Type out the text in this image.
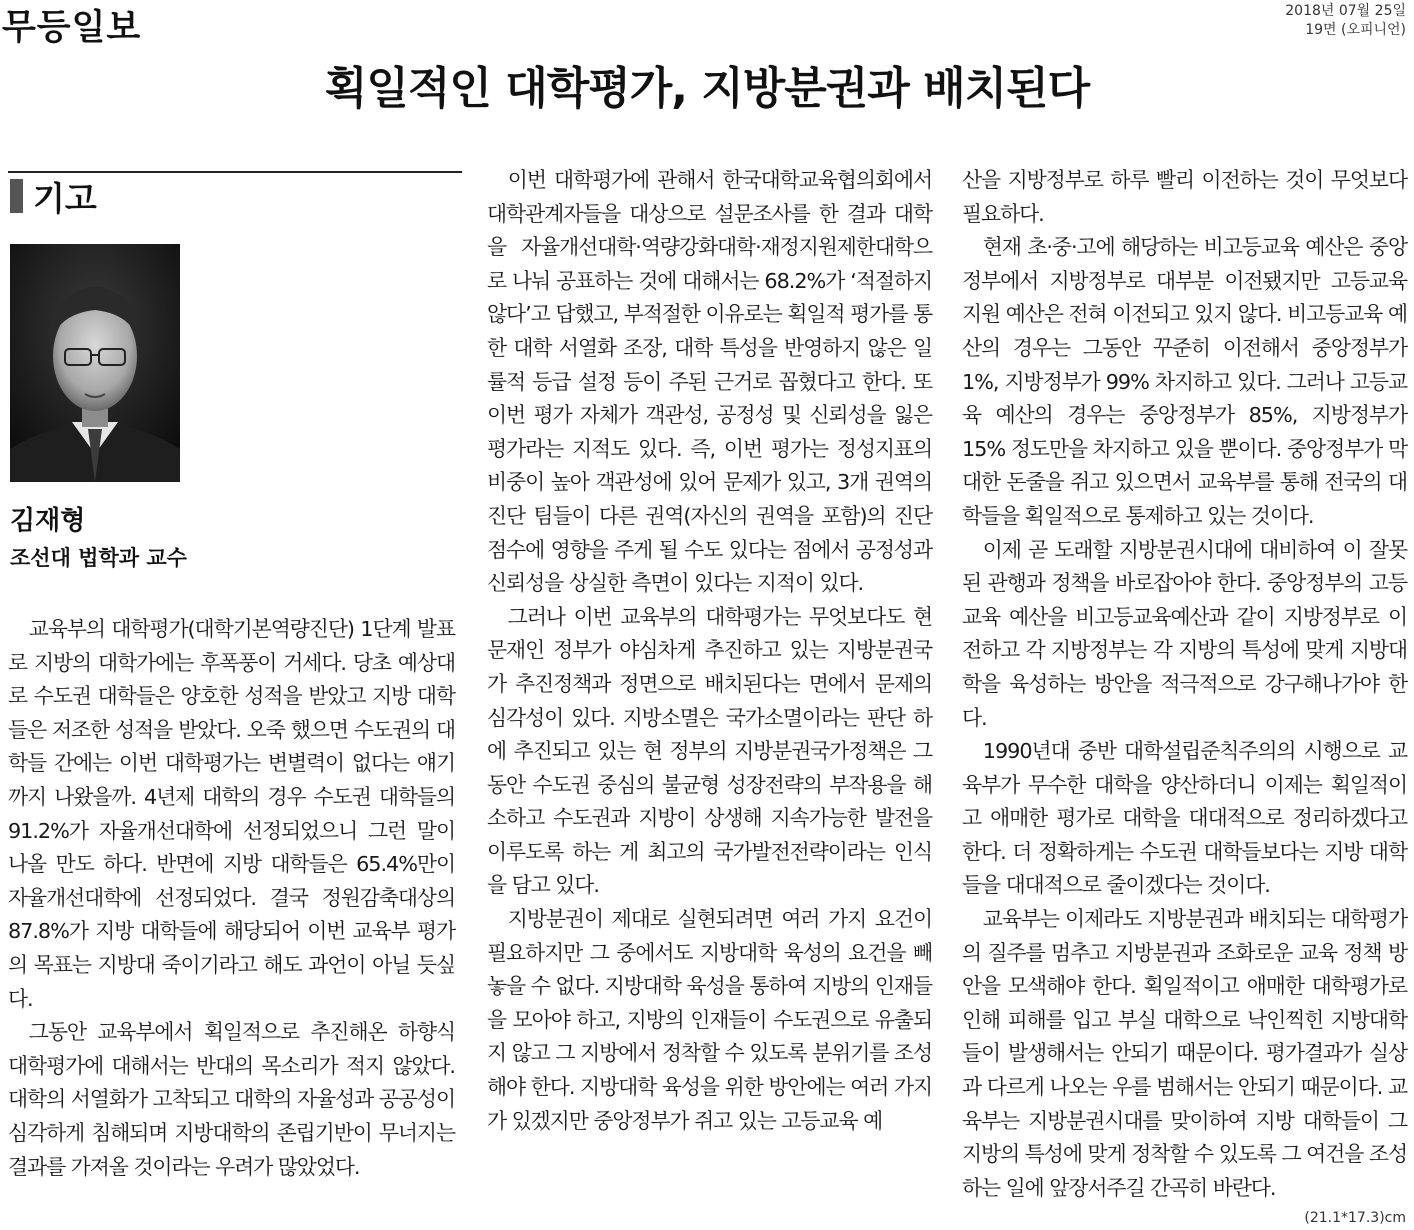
무등일보	2018년 07월 25일
19면 (오피니언)
획일적인 대학평가, 지방분권과 배치된다
기고
김재형
조선대 법학과 교수

교육부의 대학평가(대학기본역량진단) 1단계 발표로 지방의 대학가에는 후폭풍이 거세다. 당초 예상대로 수도권 대학들은 양호한 성적을 받았고 지방 대학들은 저조한 성적을 받았다. 오죽 했으면 수도권의 대학들 간에는 이번 대학평가는 변별력이 없다는 얘기까지 나왔을까. 4년제 대학의 경우 수도권 대학들의 91.2%가 자율개선대학에 선정되었으니 그런 말이 나올 만도 하다. 반면에 지방 대학들은 65.4%만이 자율개선대학에 선정되었다. 결국 정원감축대상의 87.8%가 지방 대학들에 해당되어 이번 교육부 평가의 목표는 지방대 죽이기라고 해도 과언이 아닐 듯싶다.

그동안 교육부에서 획일적으로 추진해온 하향식 대학평가에 대해서는 반대의 목소리가 적지 않았다. 대학의 서열화가 고착되고 대학의 자율성과 공공성이 심각하게 침해되며 지방대학의 존립기반이 무너지는 결과를 가져올 것이라는 우려가 많았었다.

이번 대학평가에 관해서 한국대학교육협의회에서 대학관계자들을 대상으로 설문조사를 한 결과 대학을 자율개선대학·역량강화대학·재정지원제한대학으로 나눠 공표하는 것에 대해서는 68.2%가 ‘적절하지 않다’고 답했고, 부적절한 이유로는 획일적 평가를 통한 대학 서열화 조장, 대학 특성을 반영하지 않은 일률적 등급 설정 등이 주된 근거로 꼽혔다고 한다. 또 이번 평가 자체가 객관성, 공정성 및 신뢰성을 잃은 평가라는 지적도 있다. 즉, 이번 평가는 정성지표의 비중이 높아 객관성에 있어 문제가 있고, 3개 권역의 진단 팀들이 다른 권역(자신의 권역을 포함)의 진단점수에 영향을 주게 될 수도 있다는 점에서 공정성과 신뢰성을 상실한 측면이 있다는 지적이 있다.

그러나 이번 교육부의 대학평가는 무엇보다도 현 문재인 정부가 야심차게 추진하고 있는 지방분권국가 추진정책과 정면으로 배치된다는 면에서 문제의 심각성이 있다. 지방소멸은 국가소멸이라는 판단 하에 추진되고 있는 현 정부의 지방분권국가정책은 그동안 수도권 중심의 불균형 성장전략의 부작용을 해소하고 수도권과 지방이 상생해 지속가능한 발전을 이루도록 하는 게 최고의 국가발전전략이라는 인식을 담고 있다.

지방분권이 제대로 실현되려면 여러 가지 요건이 필요하지만 그 중에서도 지방대학 육성의 요건을 빼놓을 수 없다. 지방대학 육성을 통하여 지방의 인재들을 모아야 하고, 지방의 인재들이 수도권으로 유출되지 않고 그 지방에서 정착할 수 있도록 분위기를 조성해야 한다. 지방대학 육성을 위한 방안에는 여러 가지가 있겠지만 중앙정부가 쥐고 있는 고등교육 예

산을 지방정부로 하루 빨리 이전하는 것이 무엇보다 필요하다.

현재 초·중·고에 해당하는 비고등교육 예산은 중앙정부에서 지방정부로 대부분 이전됐지만 고등교육 지원 예산은 전혀 이전되고 있지 않다. 비고등교육 예산의 경우는 그동안 꾸준히 이전해서 중앙정부가 1%, 지방정부가 99% 차지하고 있다. 그러나 고등교육 예산의 경우는 중앙정부가 85%, 지방정부가 15% 정도만을 차지하고 있을 뿐이다. 중앙정부가 막대한 돈줄을 쥐고 있으면서 교육부를 통해 전국의 대학들을 획일적으로 통제하고 있는 것이다.

이제 곧 도래할 지방분권시대에 대비하여 이 잘못된 관행과 정책을 바로잡아야 한다. 중앙정부의 고등교육 예산을 비고등교육예산과 같이 지방정부로 이전하고 각 지방정부는 각 지방의 특성에 맞게 지방대학을 육성하는 방안을 적극적으로 강구해나가야 한다.

1990년대 중반 대학설립준칙주의의 시행으로 교육부가 무수한 대학을 양산하더니 이제는 획일적이고 애매한 평가로 대학을 대대적으로 정리하겠다고 한다. 더 정확하게는 수도권 대학들보다는 지방 대학들을 대대적으로 줄이겠다는 것이다.

교육부는 이제라도 지방분권과 배치되는 대학평가의 질주를 멈추고 지방분권과 조화로운 교육 정책 방안을 모색해야 한다. 획일적이고 애매한 대학평가로 인해 피해를 입고 부실 대학으로 낙인찍힌 지방대학들이 발생해서는 안되기 때문이다. 평가결과가 실상과 다르게 나오는 우를 범해서는 안되기 때문이다. 교육부는 지방분권시대를 맞이하여 지방 대학들이 그 지방의 특성에 맞게 정착할 수 있도록 그 여건을 조성하는 일에 앞장서주길 간곡히 바란다.

(21.1*17.3)cm
